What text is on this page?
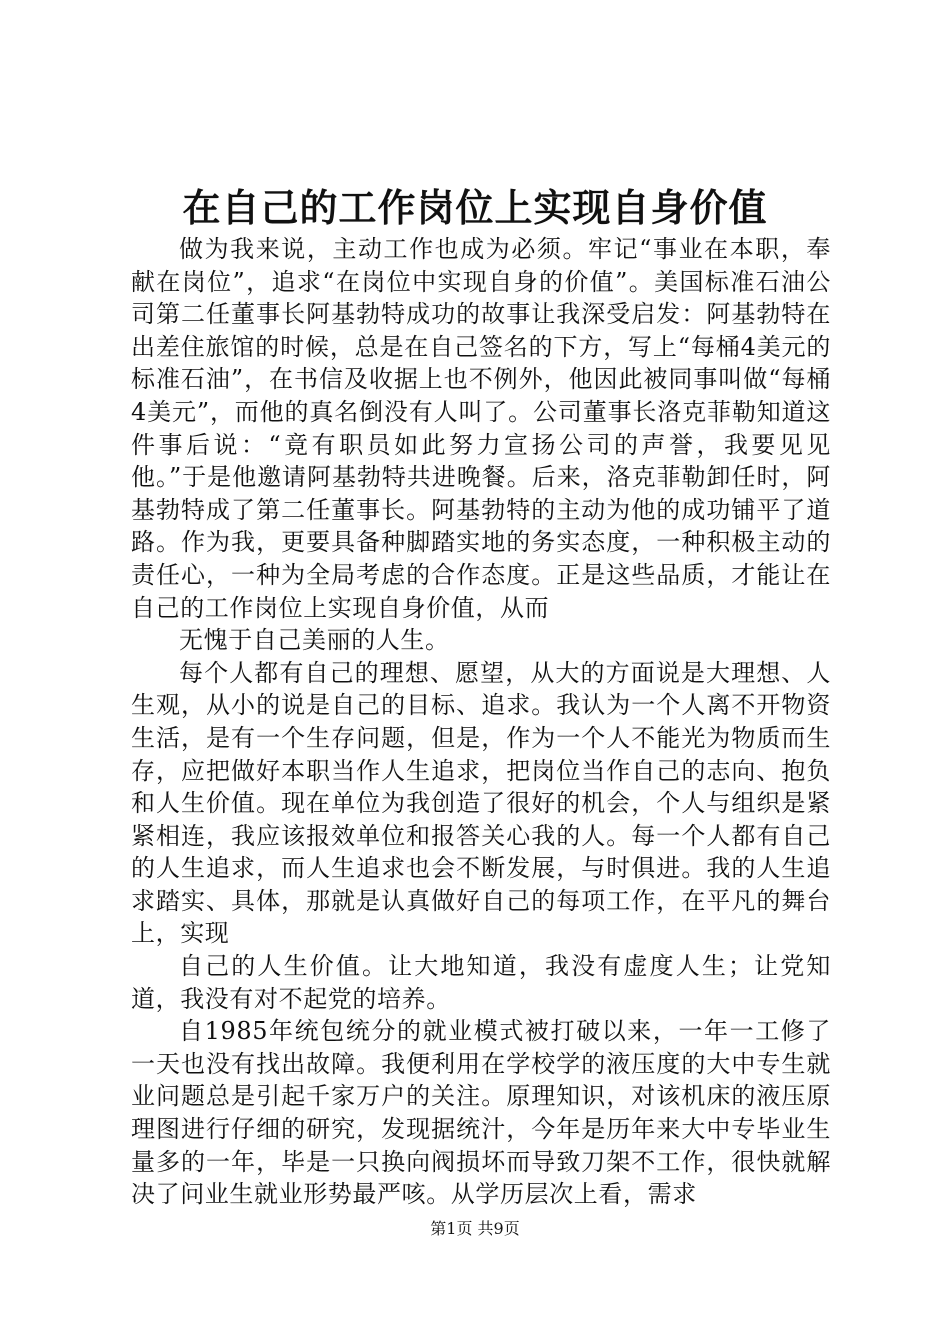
在自己的工作岗位上实现自身价值

做为我来说，主动工作也成为必须。牢记“事业在本职，奉献在岗位”，追求“在岗位中实现自身的价值”。美国标准石油公司第二任董事长阿基勃特成功的故事让我深受启发：阿基勃特在出差住旅馆的时候，总是在自己签名的下方，写上“每桶4美元的标准石油”，在书信及收据上也不例外，他因此被同事叫做“每桶4美元”，而他的真名倒没有人叫了。公司董事长洛克菲勒知道这件事后说：“竟有职员如此努力宣扬公司的声誉，我要见见他。”于是他邀请阿基勃特共进晚餐。后来，洛克菲勒卸任时，阿基勃特成了第二任董事长。阿基勃特的主动为他的成功铺平了道路。作为我，更要具备种脚踏实地的务实态度，一种积极主动的责任心，一种为全局考虑的合作态度。正是这些品质，才能让在自己的工作岗位上实现自身价值，从而

无愧于自己美丽的人生。

每个人都有自己的理想、愿望，从大的方面说是大理想、人生观，从小的说是自己的目标、追求。我认为一个人离不开物资生活，是有一个生存问题，但是，作为一个人不能光为物质而生存，应把做好本职当作人生追求，把岗位当作自己的志向、抱负和人生价值。现在单位为我创造了很好的机会，个人与组织是紧紧相连，我应该报效单位和报答关心我的人。每一个人都有自己的人生追求，而人生追求也会不断发展，与时俱进。我的人生追求踏实、具体，那就是认真做好自己的每项工作，在平凡的舞台上，实现

自己的人生价值。让大地知道，我没有虚度人生；让党知道，我没有对不起党的培养。

自1985年统包统分的就业模式被打破以来，一年一工修了一天也没有找出故障。我便利用在学校学的液压度的大中专生就业问题总是引起千家万户的关注。原理知识，对该机床的液压原理图进行仔细的研究，发现据统汁，今年是历年来大中专毕业生量多的一年，毕是一只换向阀损坏而导致刀架不工作，很快就解决了问业生就业形势最严咳。从学历层次上看，需求

第1页 共9页
